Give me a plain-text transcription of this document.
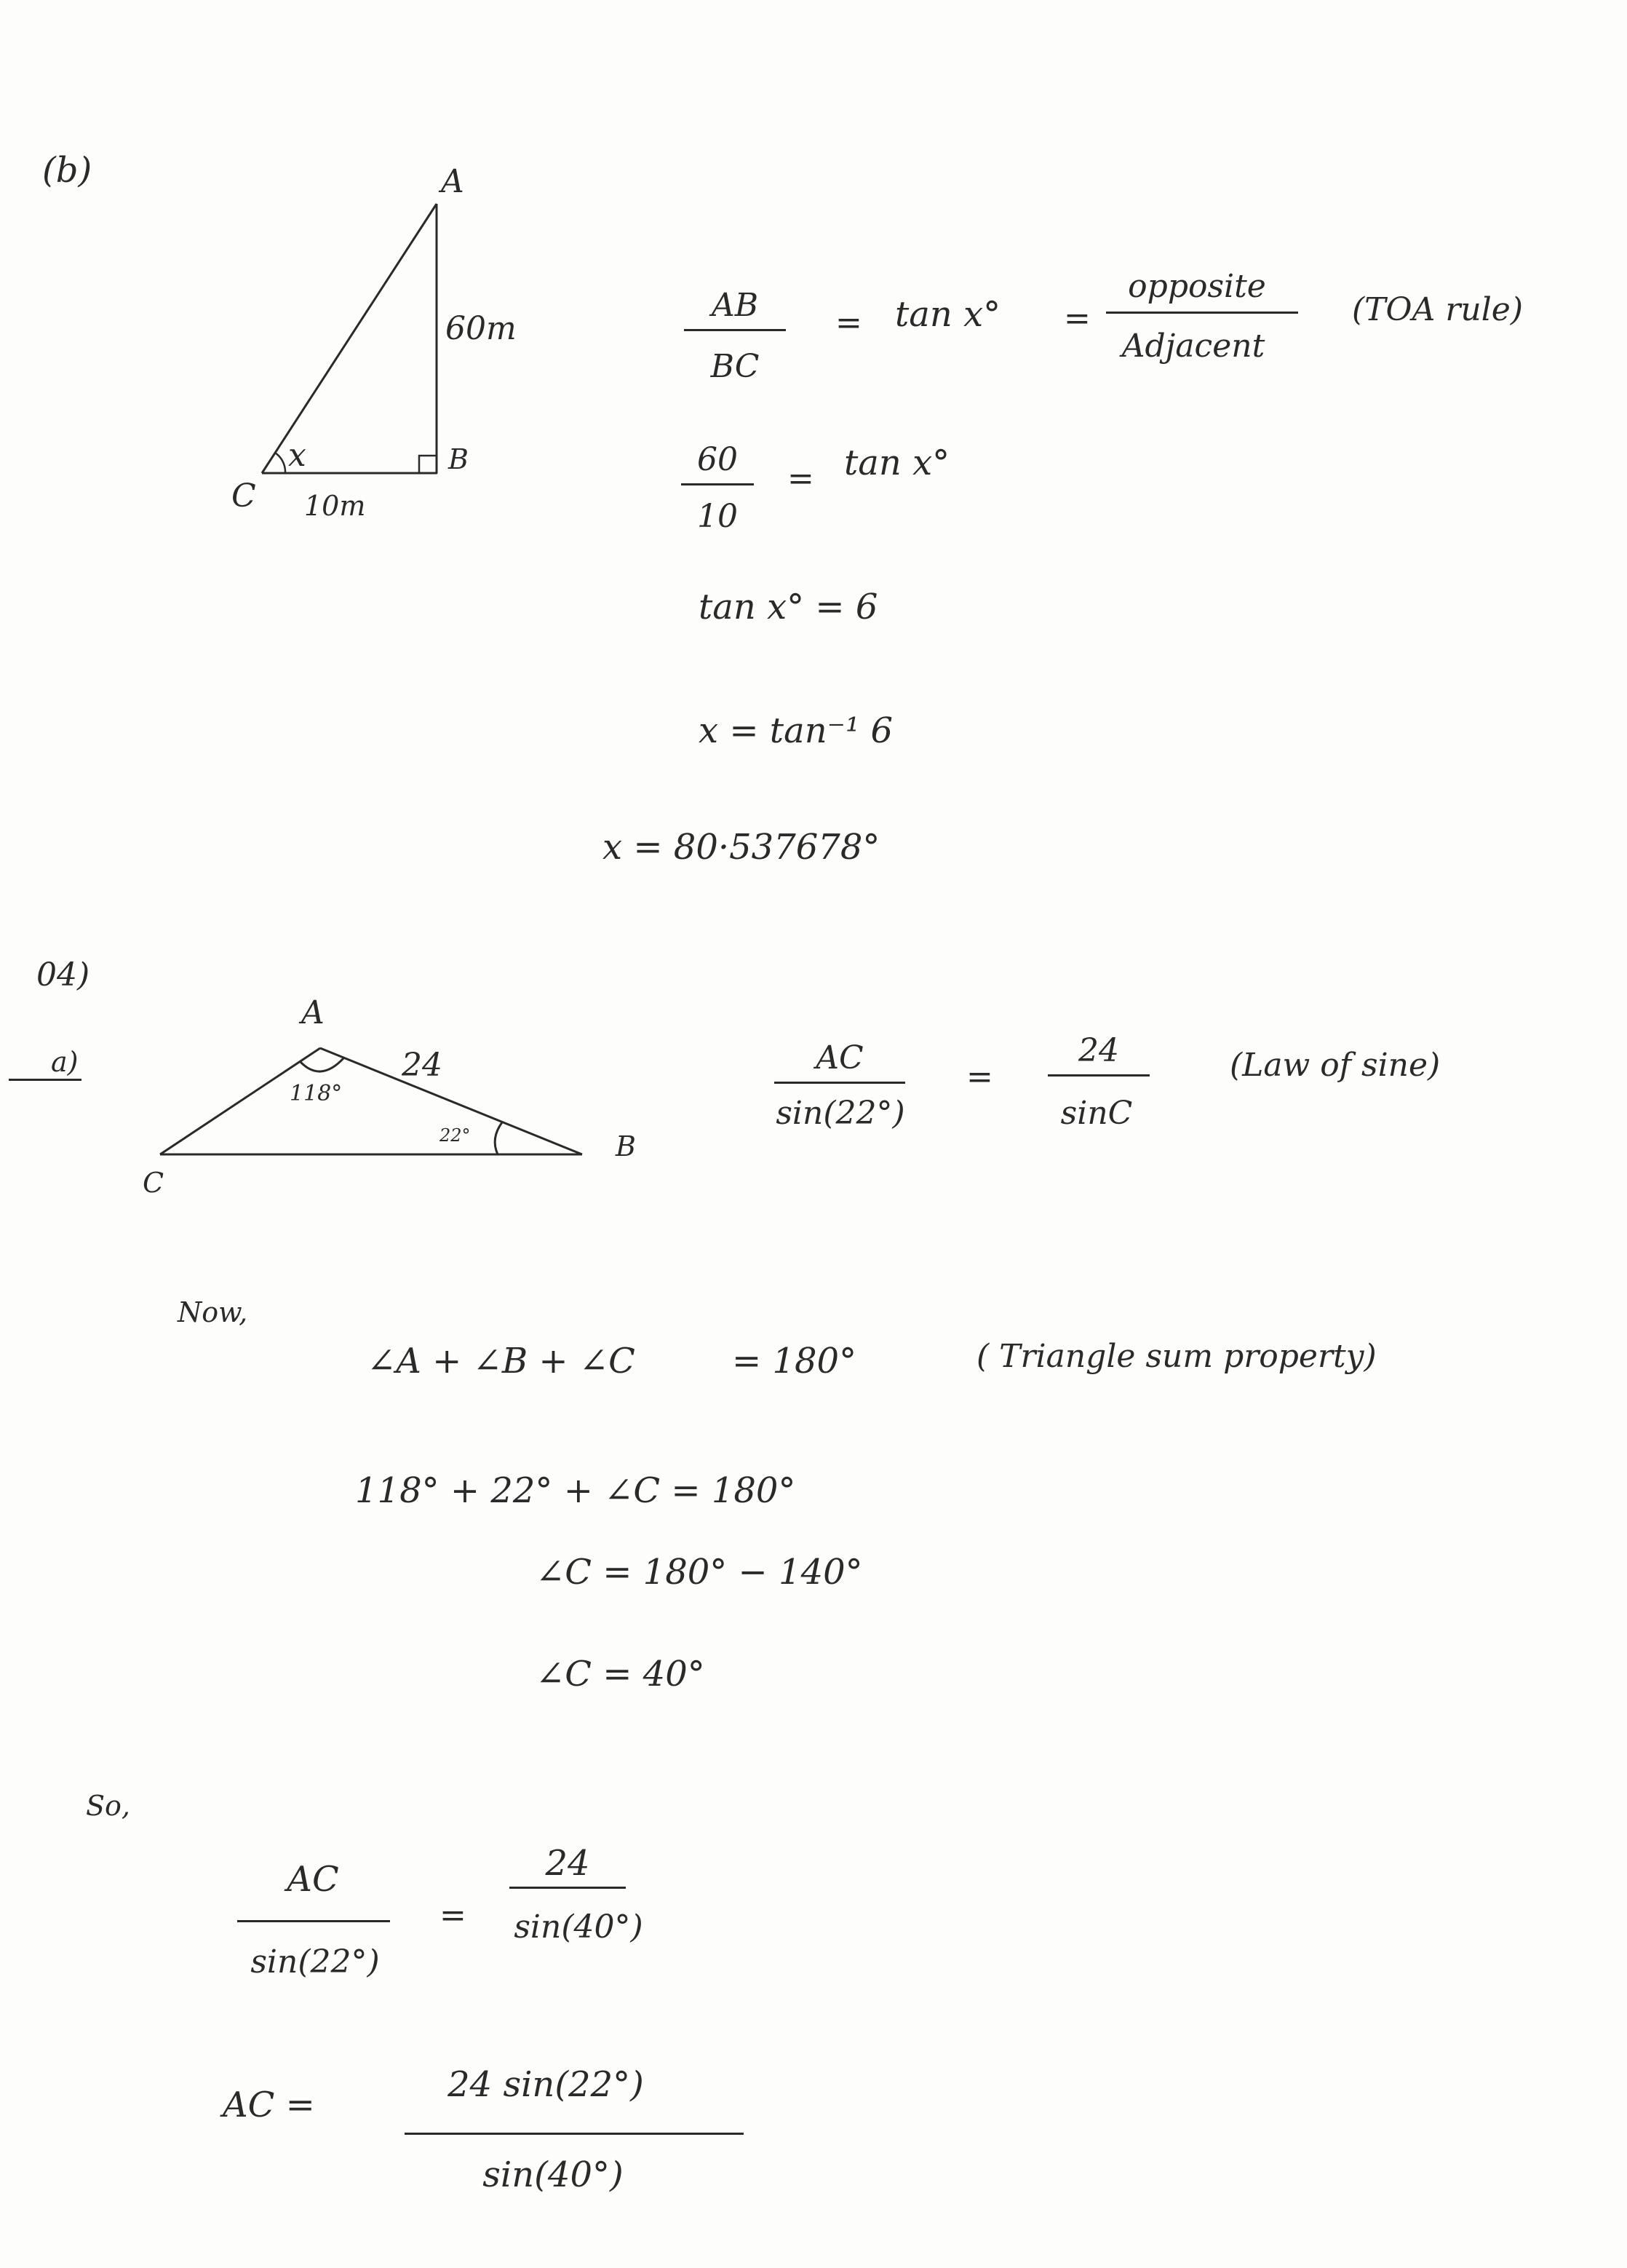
(b)	A
B
C
60m
10m
x
AB
BC
= tan x° =
opposite
Adjacent
(TOA rule)
60
10
= tan x°
tan x° = 6
x = tan⁻¹ 6
x = 80·537678°
04)
a)
A
B
C
24
118°
22°
AC
sin(22°)
=
24
sinC
(Law of sine)
Now,
∠A + ∠B + ∠C	= 180°	( Triangle sum property)
118° + 22° + ∠C = 180°
∠C = 180° − 140°
∠C = 40°
So,
AC
sin(22°)
=
24
sin(40°)
AC =	24 sin(22°)
sin(40°)
